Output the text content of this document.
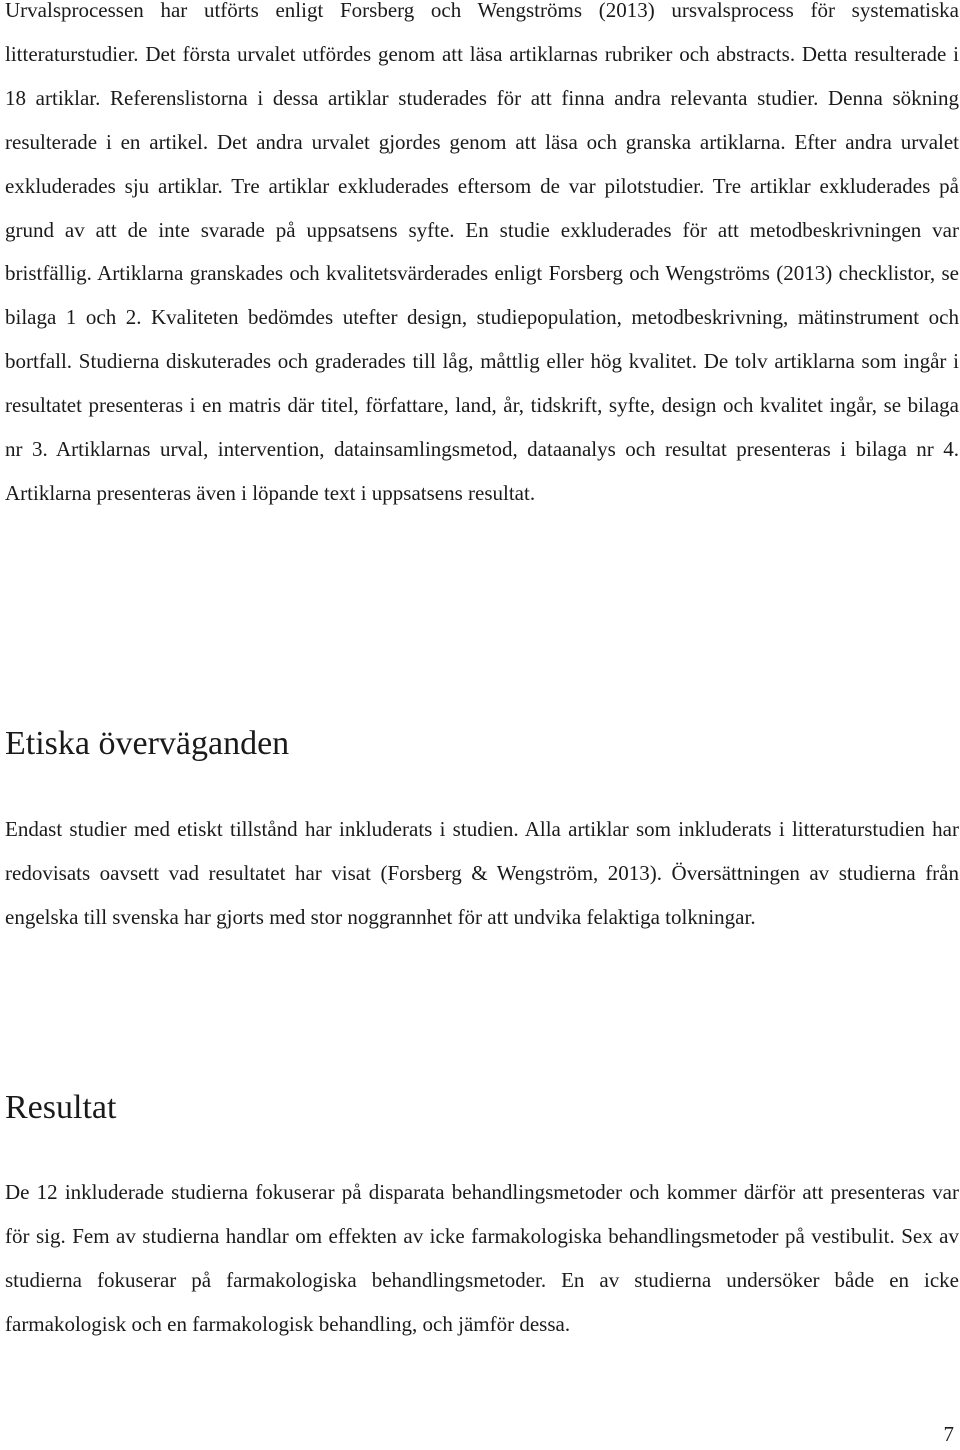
Urvalsprocessen har utförts enligt Forsberg och Wengströms (2013) ursvalsprocess för systematiska litteraturstudier. Det första urvalet utfördes genom att läsa artiklarnas rubriker och abstracts. Detta resulterade i 18 artiklar. Referenslistorna i dessa artiklar studerades för att finna andra relevanta studier. Denna sökning resulterade i en artikel. Det andra urvalet gjordes genom att läsa och granska artiklarna. Efter andra urvalet exkluderades sju artiklar. Tre artiklar exkluderades eftersom de var pilotstudier. Tre artiklar exkluderades på grund av att de inte svarade på uppsatsens syfte. En studie exkluderades för att metodbeskrivningen var bristfällig. Artiklarna granskades och kvalitetsvärderades enligt Forsberg och Wengströms (2013) checklistor, se bilaga 1 och 2. Kvaliteten bedömdes utefter design, studiepopulation, metodbeskrivning, mätinstrument och bortfall. Studierna diskuterades och graderades till låg, måttlig eller hög kvalitet. De tolv artiklarna som ingår i resultatet presenteras i en matris där titel, författare, land, år, tidskrift, syfte, design och kvalitet ingår, se bilaga nr 3. Artiklarnas urval, intervention, datainsamlingsmetod, dataanalys och resultat presenteras i bilaga nr 4. Artiklarna presenteras även i löpande text i uppsatsens resultat.

Etiska överväganden

Endast studier med etiskt tillstånd har inkluderats i studien. Alla artiklar som inkluderats i litteraturstudien har redovisats oavsett vad resultatet har visat (Forsberg & Wengström, 2013). Översättningen av studierna från engelska till svenska har gjorts med stor noggrannhet för att undvika felaktiga tolkningar.

Resultat

De 12 inkluderade studierna fokuserar på disparata behandlingsmetoder och kommer därför att presenteras var för sig. Fem av studierna handlar om effekten av icke farmakologiska behandlingsmetoder på vestibulit. Sex av studierna fokuserar på farmakologiska behandlingsmetoder. En av studierna undersöker både en icke farmakologisk och en farmakologisk behandling, och jämför dessa.

7
